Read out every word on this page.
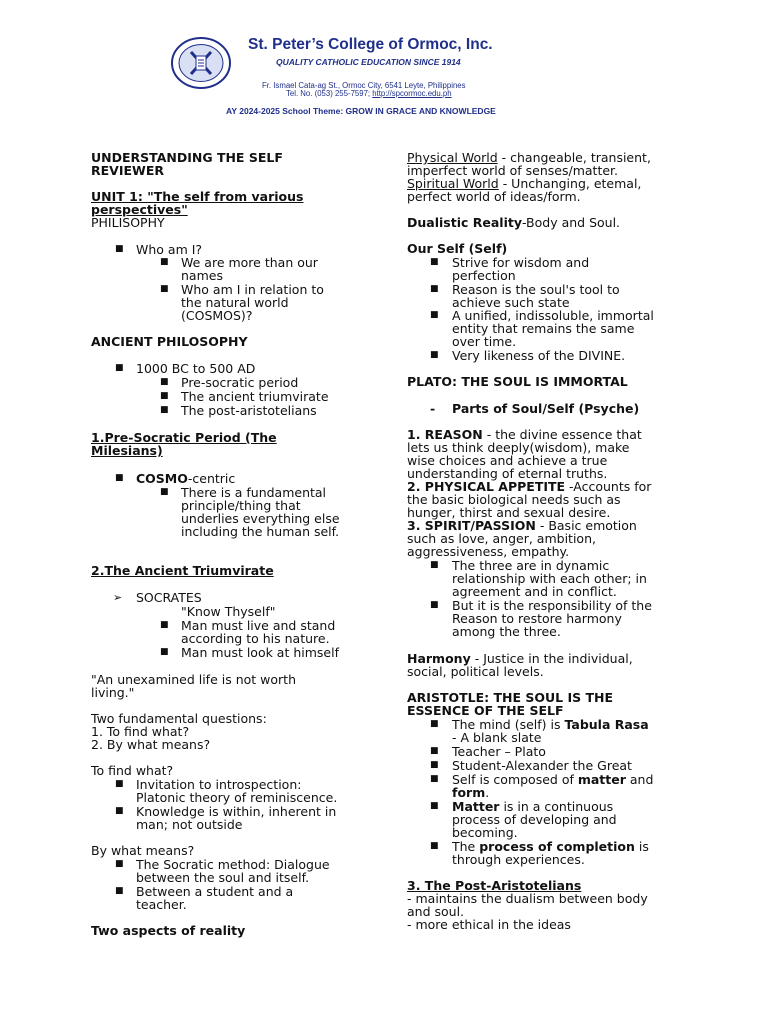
St. Peter’s College of Ormoc, Inc.
QUALITY CATHOLIC EDUCATION SINCE 1914
Fr. Ismael Cata-ag St., Ormoc City, 6541 Leyte, Philippines
Tel. No. (053) 255-7597; http://spcormoc.edu.ph
AY 2024-2025 School Theme: GROW IN GRACE AND KNOWLEDGE
UNDERSTANDING THE SELF
REVIEWER
UNIT 1: "The self from various
perspectives"
PHILISOPHY
■ Who am I?
■ We are more than our
names
■ Who am I in relation to
the natural world
(COSMOS)?
ANCIENT PHILOSOPHY
■ 1000 BC to 500 AD
■ Pre-socratic period
■ The ancient triumvirate
■ The post-aristotelians
1.Pre-Socratic Period (The
Milesians)
■ COSMO-centric
■ There is a fundamental
principle/thing that
underlies everything else
including the human self.
2.The Ancient Triumvirate
➢ SOCRATES
"Know Thyself"
■ Man must live and stand
according to his nature.
■ Man must look at himself
"An unexamined life is not worth
living."
Two fundamental questions:
1. To find what?
2. By what means?
To find what?
■ Invitation to introspection:
Platonic theory of reminiscence.
■ Knowledge is within, inherent in
man; not outside
By what means?
■ The Socratic method: Dialogue
between the soul and itself.
■ Between a student and a
teacher.
Two aspects of reality
Physical World - changeable, transient,
imperfect world of senses/matter.
Spiritual World - Unchanging, etemal,
perfect world of ideas/form.
Dualistic Reality-Body and Soul.
Our Self (Self)
■ Strive for wisdom and
perfection
■ Reason is the soul's tool to
achieve such state
■ A unified, indissoluble, immortal
entity that remains the same
over time.
■ Very likeness of the DIVINE.
PLATO: THE SOUL IS IMMORTAL
- Parts of Soul/Self (Psyche)
1. REASON - the divine essence that
lets us think deeply(wisdom), make
wise choices and achieve a true
understanding of eternal truths.
2. PHYSICAL APPETITE -Accounts for
the basic biological needs such as
hunger, thirst and sexual desire.
3. SPIRIT/PASSION - Basic emotion
such as love, anger, ambition,
aggressiveness, empathy.
■ The three are in dynamic
relationship with each other; in
agreement and in conflict.
■ But it is the responsibility of the
Reason to restore harmony
among the three.
Harmony - Justice in the individual,
social, political levels.
ARISTOTLE: THE SOUL IS THE
ESSENCE OF THE SELF
■ The mind (self) is Tabula Rasa
- A blank slate
■ Teacher – Plato
■ Student-Alexander the Great
■ Self is composed of matter and
form.
■ Matter is in a continuous
process of developing and
becoming.
■ The process of completion is
through experiences.
3. The Post-Aristotelians
- maintains the dualism between body
and soul.
- more ethical in the ideas
